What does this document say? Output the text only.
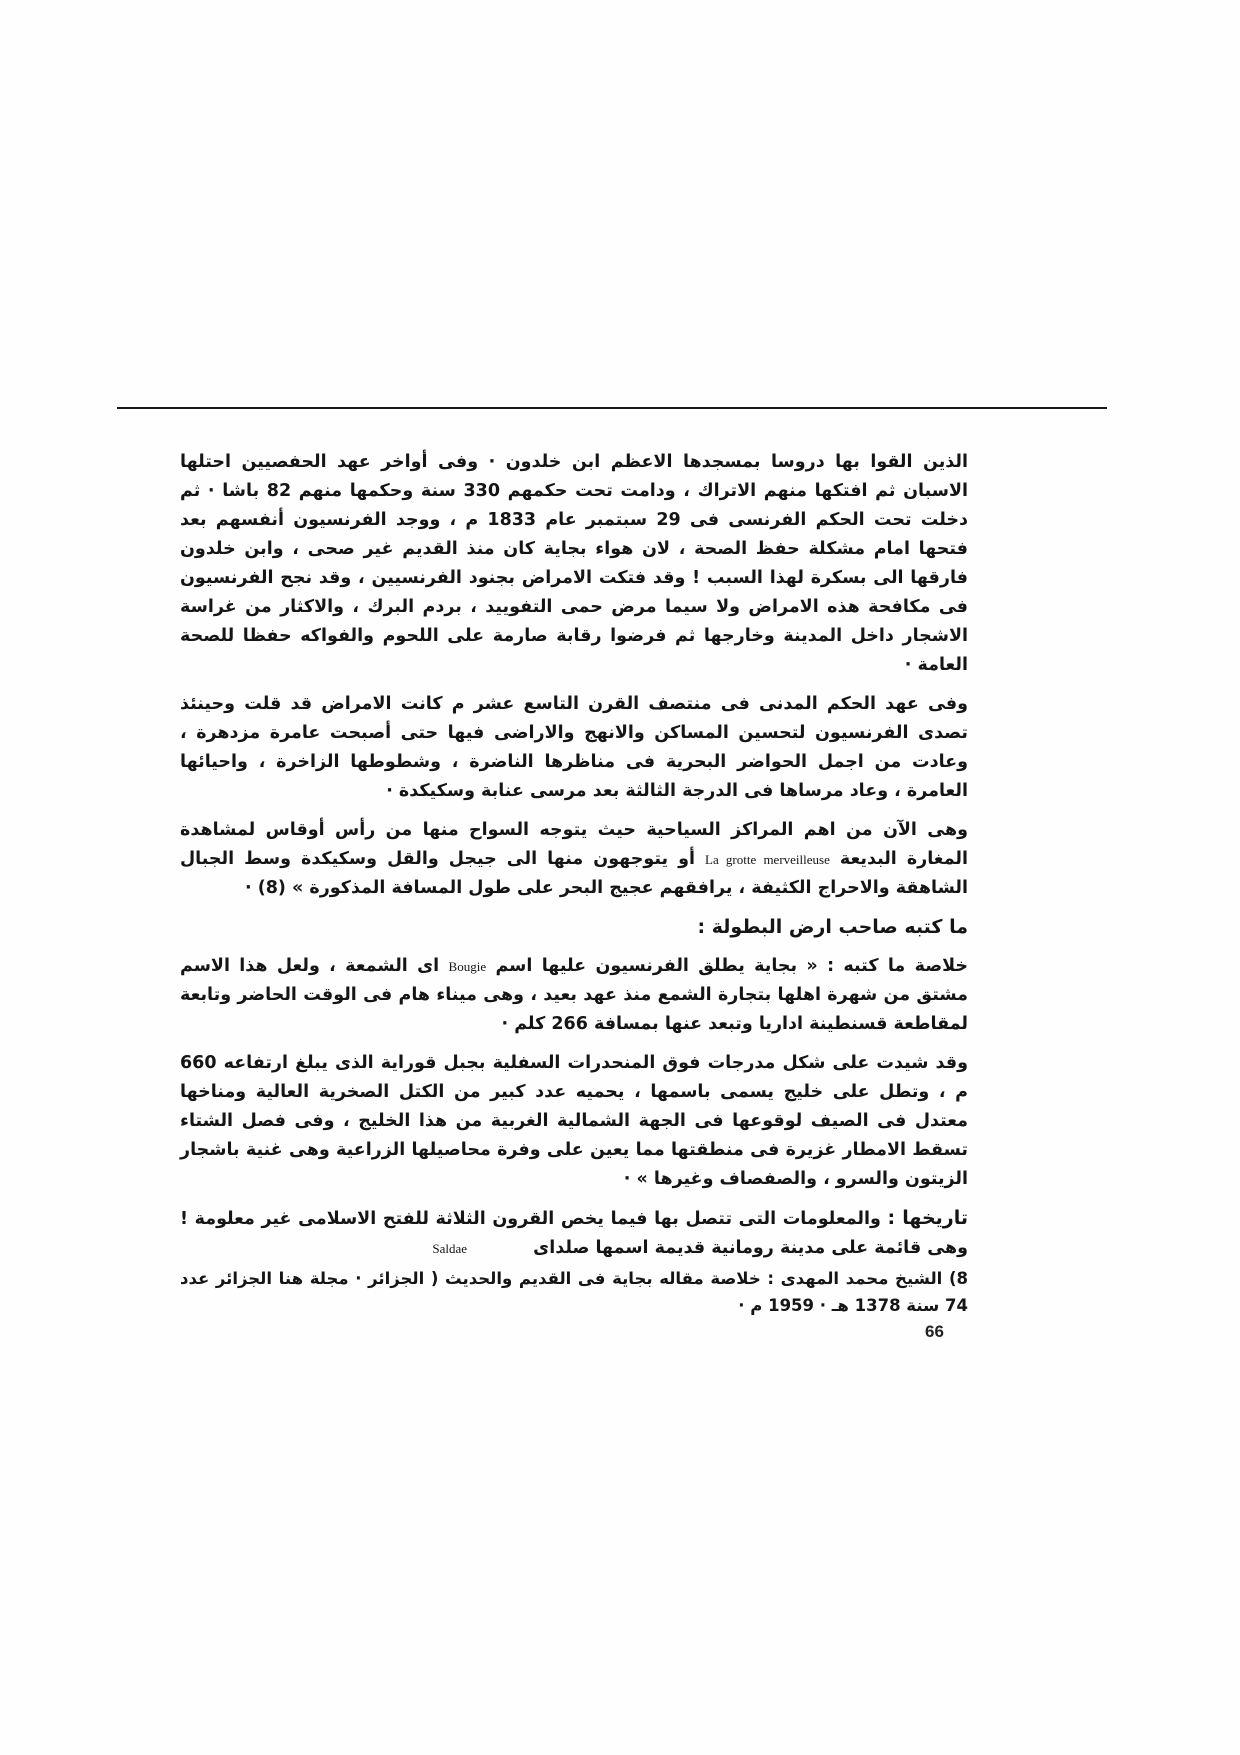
الذين القوا بها دروسا بمسجدها الاعظم ابن خلدون · وفى أواخر عهد الحفصيين احتلها الاسبان ثم افتكها منهم الاتراك ، ودامت تحت حكمهم 330 سنة وحكمها منهم 82 باشا · ثم دخلت تحت الحكم الفرنسى فى 29 سبتمبر عام 1833 م ، ووجد الفرنسيون أنفسهم بعد فتحها امام مشكلة حفظ الصحة ، لان هواء بجاية كان منذ القديم غير صحى ، وابن خلدون فارقها الى بسكرة لهذا السبب ! وقد فتكت الامراض بجنود الفرنسيين ، وقد نجح الفرنسيون فى مكافحة هذه الامراض ولا سيما مرض حمى التفوييد ، بردم البرك ، والاكثار من غراسة الاشجار داخل المدينة وخارجها ثم فرضوا رقابة صارمة على اللحوم والفواكه حفظا للصحة العامة ·

وفى عهد الحكم المدنى فى منتصف القرن التاسع عشر م كانت الامراض قد قلت وحينئذ تصدى الفرنسيون لتحسين المساكن والانهج والاراضى فيها حتى أصبحت عامرة مزدهرة ، وعادت من اجمل الحواضر البحرية فى مناظرها الناضرة ، وشطوطها الزاخرة ، واحيائها العامرة ، وعاد مرساها فى الدرجة الثالثة بعد مرسى عنابة وسكيكدة ·

وهى الآن من اهم المراكز السياحية حيث يتوجه السواح منها من رأس أوقاس لمشاهدة المغارة البديعة La grotte merveilleuse أو يتوجهون منها الى جيجل والقل وسكيكدة وسط الجبال الشاهقة والاحراج الكثيفة ، يرافقهم عجيج البحر على طول المسافة المذكورة » (8) ·

ما كتبه صاحب ارض البطولة :

خلاصة ما كتبه : « بجاية يطلق الفرنسيون عليها اسم Bougie اى الشمعة ، ولعل هذا الاسم مشتق من شهرة اهلها بتجارة الشمع منذ عهد بعيد ، وهى ميناء هام فى الوقت الحاضر وتابعة لمقاطعة قسنطينة اداريا وتبعد عنها بمسافة 266 كلم ·

وقد شيدت على شكل مدرجات فوق المنحدرات السفلية بجبل قوراية الذى يبلغ ارتفاعه 660 م ، وتطل على خليج يسمى باسمها ، يحميه عدد كبير من الكتل الصخرية العالية ومناخها معتدل فى الصيف لوقوعها فى الجهة الشمالية الغربية من هذا الخليج ، وفى فصل الشتاء تسقط الامطار غزيرة فى منطقتها مما يعين على وفرة محاصيلها الزراعية وهى غنية باشجار الزيتون والسرو ، والصفصاف وغيرها » ·

تاريخها : والمعلومات التى تتصل بها فيما يخص القرون الثلاثة للفتح الاسلامى غير معلومة ! وهى قائمة على مدينة رومانية قديمة اسمها صلداى Saldae

8) الشيخ محمد المهدى : خلاصة مقاله بجاية فى القديم والحديث ( الجزائر · مجلة هنا الجزائر عدد 74 سنة 1378 هـ · 1959 م ·
66
